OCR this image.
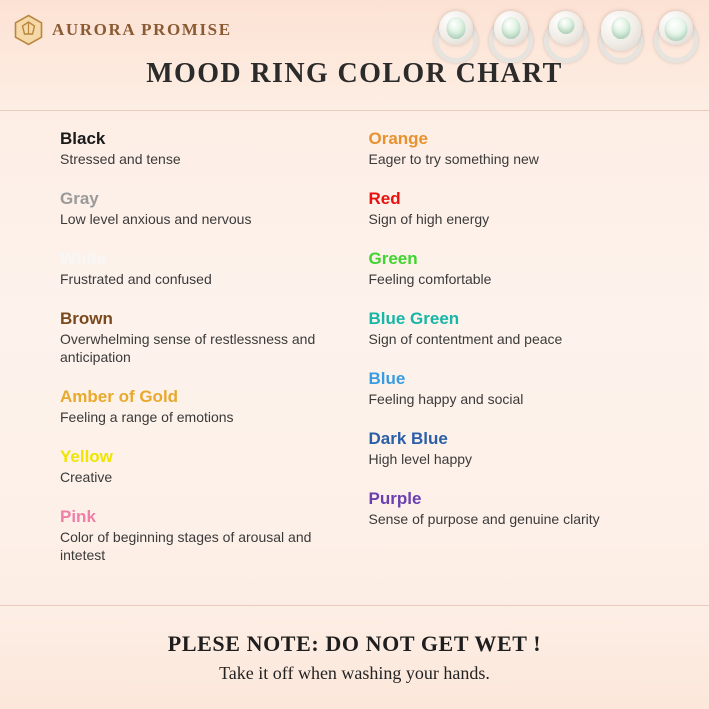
AURORA PROMISE
MOOD RING COLOR CHART
Black
Stressed and tense
Gray
Low level anxious and nervous
White
Frustrated and confused
Brown
Overwhelming sense of restlessness and anticipation
Amber of Gold
Feeling a range of emotions
Yellow
Creative
Pink
Color of beginning stages of arousal and intetest
Orange
Eager to try something new
Red
Sign of high energy
Green
Feeling comfortable
Blue Green
Sign of contentment and peace
Blue
Feeling happy and social
Dark Blue
High level happy
Purple
Sense of purpose and genuine clarity
PLESE NOTE: DO NOT GET WET !
Take it off when washing your hands.
